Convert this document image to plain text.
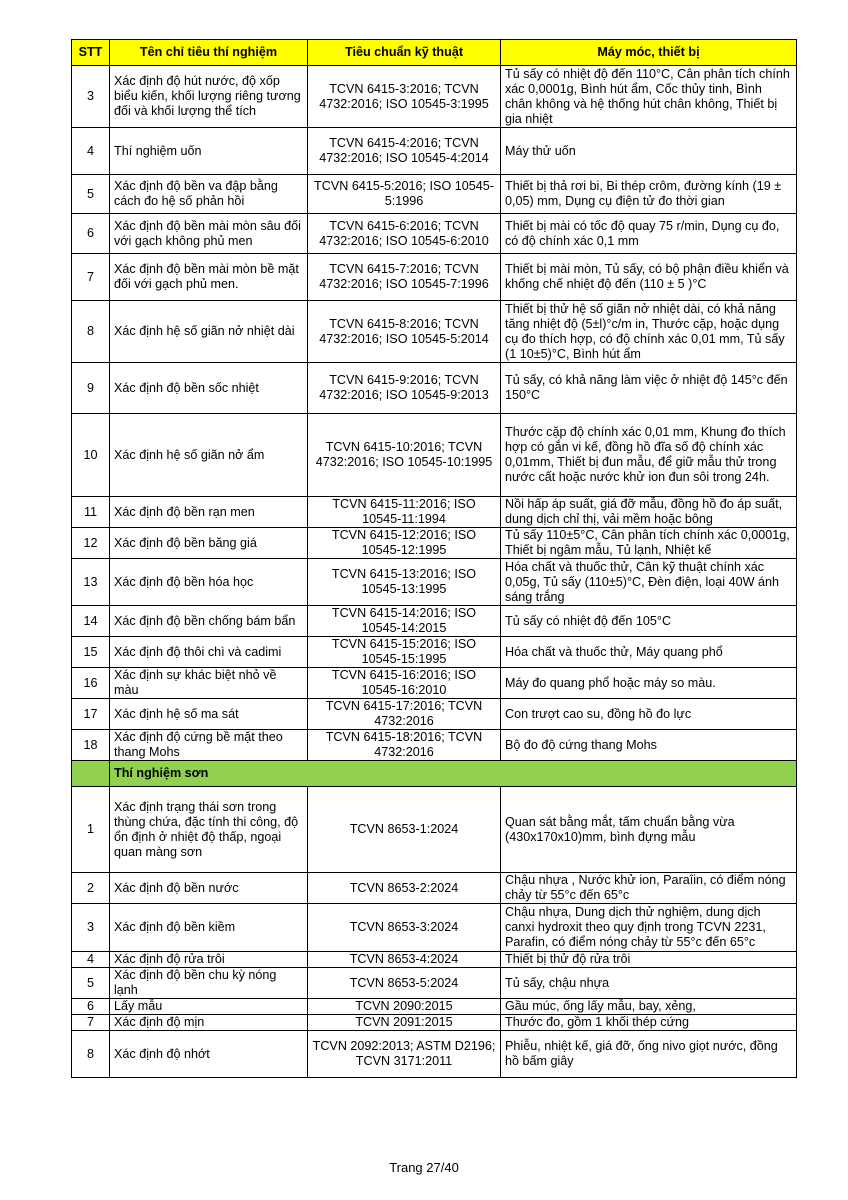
STT	Tên chỉ tiêu thí nghiệm	Tiêu chuẩn kỹ thuật	Máy móc, thiết bị
3	Xác định độ hút nước, độ xốp biểu kiến, khối lượng riêng tương đối và khối lượng thể tích	TCVN 6415-3:2016; TCVN 4732:2016; ISO 10545-3:1995	Tủ sấy có nhiệt độ đến 110°C, Cân phân tích chính xác 0,0001g, Bình hút ẩm, Cốc thủy tinh, Bình chân không và hệ thống hút chân không, Thiết bị gia nhiệt
4	Thí nghiệm uốn	TCVN 6415-4:2016; TCVN 4732:2016; ISO 10545-4:2014	Máy thử uốn
5	Xác định độ bền va đập bằng cách đo hệ số phản hồi	TCVN 6415-5:2016; ISO 10545-5:1996	Thiết bị thả rơi bi, Bi thép crôm, đường kính (19 ± 0,05) mm, Dụng cụ điện tử đo thời gian
6	Xác định độ bền mài mòn sâu đối với gạch không phủ men	TCVN 6415-6:2016; TCVN 4732:2016; ISO 10545-6:2010	Thiết bị mài có tốc độ quay 75 r/min, Dụng cụ đo, có độ chính xác 0,1 mm
7	Xác định độ bền mài mòn bề mặt đối với gạch phủ men.	TCVN 6415-7:2016; TCVN 4732:2016; ISO 10545-7:1996	Thiết bị mài mòn, Tủ sấy, có bộ phận điều khiển và khống chế nhiệt độ đến (110 ± 5 )°C
8	Xác định hệ số giãn nở nhiệt dài	TCVN 6415-8:2016; TCVN 4732:2016; ISO 10545-5:2014	Thiết bị thử hệ số giãn nở nhiệt dài, có khả năng tăng nhiệt độ (5±l)°c/m in, Thước cặp, hoặc dụng cụ đo thích hợp, có độ chính xác 0,01 mm, Tủ sấy (1 10±5)°C, Bình hút ẩm
9	Xác định độ bền sốc nhiệt	TCVN 6415-9:2016; TCVN 4732:2016; ISO 10545-9:2013	Tủ sấy, có khả năng làm việc ở nhiệt độ 145°c đến 150°C
10	Xác định hệ số giãn nở ẩm	TCVN 6415-10:2016; TCVN 4732:2016; ISO 10545-10:1995	Thước cặp độ chính xác 0,01 mm, Khung đo thích hợp có gắn vi kế, đồng hồ đĩa số độ chính xác 0,01mm, Thiết bị đun mẫu, để giữ mẫu thử trong nước cất hoặc nước khử ion đun sôi trong 24h.
11	Xác định độ bền rạn men	TCVN 6415-11:2016; ISO 10545-11:1994	Nồi hấp áp suất, giá đỡ mẫu, đồng hồ đo áp suất, dung dịch chỉ thị, vải mềm hoặc bông
12	Xác định độ bền băng giá	TCVN 6415-12:2016; ISO 10545-12:1995	Tủ sấy 110±5°C, Cân phân tích chính xác 0,0001g, Thiết bị ngâm mẫu, Tủ lạnh, Nhiệt kế
13	Xác định độ bền hóa học	TCVN 6415-13:2016; ISO 10545-13:1995	Hóa chất và thuốc thử, Cân kỹ thuật chính xác 0,05g, Tủ sấy (110±5)°C, Đèn điện, loại 40W ánh sáng trắng
14	Xác định độ bền chống bám bẩn	TCVN 6415-14:2016; ISO 10545-14:2015	Tủ sấy có nhiệt độ đến 105°C
15	Xác định độ thôi chì và cadimi	TCVN 6415-15:2016; ISO 10545-15:1995	Hóa chất và thuốc thử, Máy quang phổ
16	Xác định sự khác biệt nhỏ về màu	TCVN 6415-16:2016; ISO 10545-16:2010	Máy đo quang phổ hoặc máy so màu.
17	Xác định hệ số ma sát	TCVN 6415-17:2016; TCVN 4732:2016	Con trượt cao su, đồng hồ đo lực
18	Xác định độ cứng bề mặt theo thang Mohs	TCVN 6415-18:2016; TCVN 4732:2016	Bộ đo độ cứng thang Mohs
	Thí nghiệm sơn		
1	Xác định trạng thái sơn trong thùng chứa, đặc tính thi công, độ ổn định ở nhiệt độ thấp, ngoại quan màng sơn	TCVN 8653-1:2024	Quan sát bằng mắt, tấm chuẩn bằng vừa (430x170x10)mm, bình đựng mẫu
2	Xác định độ bền nước	TCVN 8653-2:2024	Chậu nhựa , Nước khử ion, Paraîin, có điểm nóng chảy từ 55°c đến 65°c
3	Xác định độ bền kiềm	TCVN 8653-3:2024	Chậu nhựa, Dung dịch thử nghiệm, dung dịch canxi hydroxit theo quy định trong TCVN 2231, Parafin, có điểm nóng chảy từ 55°c đến 65°c
4	Xác định độ rửa trôi	TCVN 8653-4:2024	Thiết bị thử độ rửa trôi
5	Xác định độ bền chu kỳ nóng lạnh	TCVN 8653-5:2024	Tủ sấy, chậu nhựa
6	Lấy mẫu	TCVN 2090:2015	Gầu múc, ống lấy mẫu, bay, xẻng,
7	Xác định độ mịn	TCVN 2091:2015	Thước đo, gồm 1 khối thép cứng
8	Xác định độ nhớt	TCVN 2092:2013; ASTM D2196; TCVN 3171:2011	Phiễu, nhiệt kế, giá đỡ, ống nivo giọt nước, đồng hồ bấm giây
Trang 27/40
